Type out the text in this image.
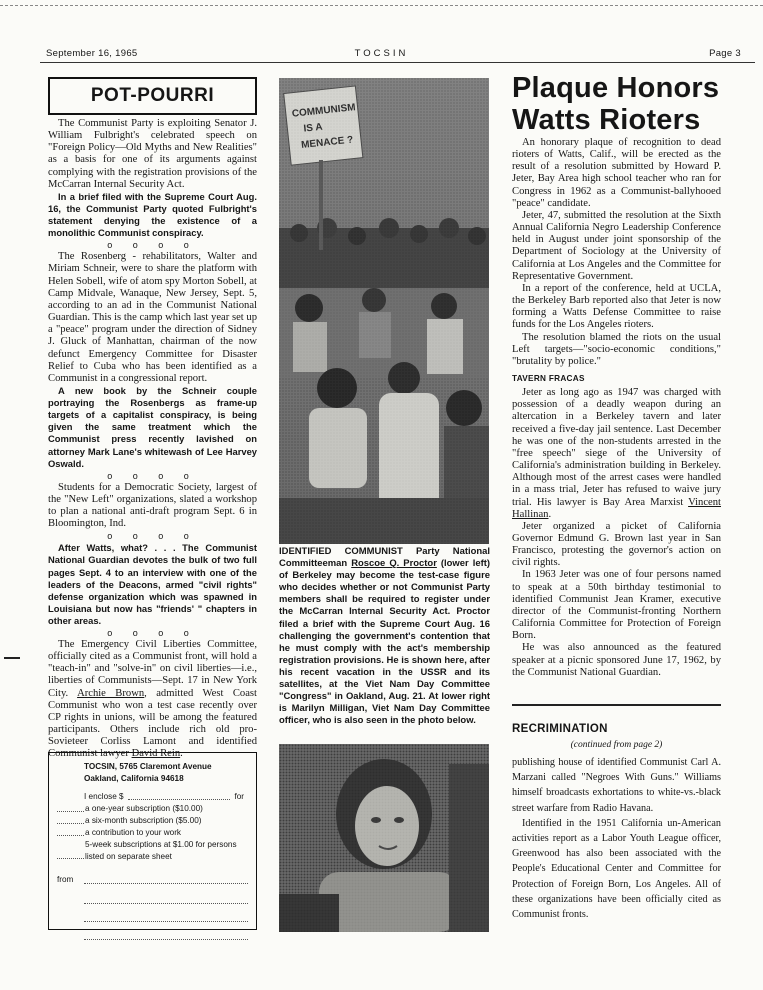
September 16, 1965	TOCSIN	Page 3
POT-POURRI

The Communist Party is exploiting Senator J. William Fulbright's celebrated speech on "Foreign Policy—Old Myths and New Realities" as a basis for one of its arguments against complying with the registration provisions of the McCarran Internal Security Act.

In a brief filed with the Supreme Court Aug. 16, the Communist Party quoted Fulbright's statement denying the existence of a monolithic Communist conspiracy.

o o o o

The Rosenberg - rehabilitators, Walter and Miriam Schneir, were to share the platform with Helen Sobell, wife of atom spy Morton Sobell, at Camp Midvale, Wanaque, New Jersey, Sept. 5, according to an ad in the Communist National Guardian. This is the camp which last year set up a "peace" program under the direction of Sidney J. Gluck of Manhattan, chairman of the now defunct Emergency Committee for Disaster Relief to Cuba who has been identified as a Communist in a congressional report.

A new book by the Schneir couple portraying the Rosenbergs as frame-up targets of a capitalist conspiracy, is being given the same treatment which the Communist press recently lavished on attorney Mark Lane's whitewash of Lee Harvey Oswald.

o o o o

Students for a Democratic Society, largest of the "New Left" organizations, slated a workshop to plan a national anti-draft program Sept. 6 in Bloomington, Ind.

o o o o

After Watts, what? . . . The Communist National Guardian devotes the bulk of two full pages Sept. 4 to an interview with one of the leaders of the Deacons, armed "civil rights" defense organization which was spawned in Louisiana but now has "friends' " chapters in other areas.

o o o o

The Emergency Civil Liberties Committee, officially cited as a Communist front, will hold a "teach-in" and "solve-in" on civil liberties—i.e., liberties of Communists—Sept. 17 in New York City. Archie Brown, admitted West Coast Communist who won a test case recently over CP rights in unions, will be among the featured participants. Others include rich old pro-Sovieteer Corliss Lamont and identified Communist lawyer David Rein.

TOCSIN, 5765 Claremont Avenue
Oakland, California 94618
I enclose $	for
a one-year subscription ($10.00)
a six-month subscription ($5.00)
a contribution to your work
5-week subscriptions at $1.00 for persons listed on separate sheet
from
COMMUNISM
IS A
MENACE ?
IDENTIFIED COMMUNIST Party National Committeeman Roscoe Q. Proctor (lower left) of Berkeley may become the test-case figure who decides whether or not Communist Party members shall be required to register under the McCarran Internal Security Act. Proctor filed a brief with the Supreme Court Aug. 16 challenging the government's contention that he must comply with the act's membership registration provisions. He is shown here, after his recent vacation in the USSR and its satellites, at the Viet Nam Day Committee "Congress" in Oakland, Aug. 21. At lower right is Marilyn Milligan, Viet Nam Day Committee officer, who is also seen in the photo below.
Plaque Honors
Watts Rioters

An honorary plaque of recognition to dead rioters of Watts, Calif., will be erected as the result of a resolution submitted by Howard P. Jeter, Bay Area high school teacher who ran for Congress in 1962 as a Communist-ballyhooed "peace" candidate.

Jeter, 47, submitted the resolution at the Sixth Annual California Negro Leadership Conference held in August under joint sponsorship of the Department of Sociology at the University of California at Los Angeles and the Committee for Representative Government.

In a report of the conference, held at UCLA, the Berkeley Barb reported also that Jeter is now forming a Watts Defense Committee to raise funds for the Los Angeles rioters.

The resolution blamed the riots on the usual Left targets—"socio-economic conditions," "brutality by police."

TAVERN FRACAS

Jeter as long ago as 1947 was charged with possession of a deadly weapon during an altercation in a Berkeley tavern and later received a five-day jail sentence. Last December he was one of the non-students arrested in the "free speech" siege of the University of California's administration building in Berkeley. Although most of the arrest cases were handled in a mass trial, Jeter has refused to waive jury trial. His lawyer is Bay Area Marxist Vincent Hallinan.

Jeter organized a picket of California Governor Edmund G. Brown last year in San Francisco, protesting the governor's action on civil rights.

In 1963 Jeter was one of four persons named to speak at a 50th birthday testimonial to identified Communist Jean Kramer, executive director of the Communist-fronting Northern California Committee for Protection of Foreign Born.

He was also announced as the featured speaker at a picnic sponsored June 17, 1962, by the Communist National Guardian.

RECRIMINATION
(continued from page 2)

publishing house of identified Communist Carl A. Marzani called "Negroes With Guns." Williams himself broadcasts exhortations to white-vs.-black street warfare from Radio Havana.

Identified in the 1951 California un-American activities report as a Labor Youth League officer, Greenwood has also been associated with the People's Educational Center and Committee for Protection of Foreign Born, Los Angeles. All of these organizations have been officially cited as Communist fronts.
